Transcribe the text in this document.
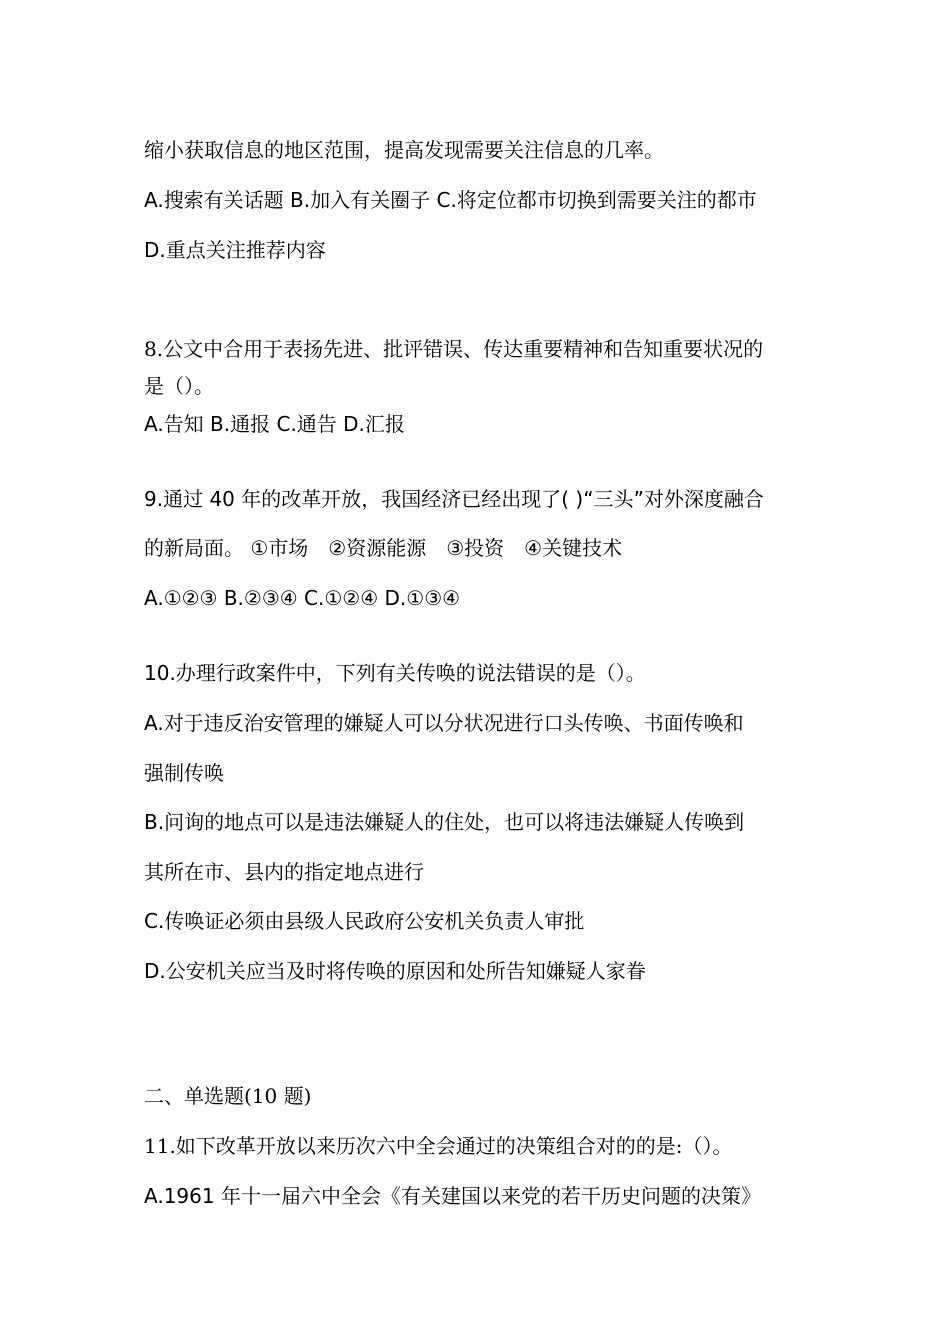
缩小获取信息的地区范围，提高发现需要关注信息的几率。
A.搜索有关话题 B.加入有关圈子 C.将定位都市切换到需要关注的都市
D.重点关注推荐内容
8.公文中合用于表扬先进、批评错误、传达重要精神和告知重要状况的
是（）。
A.告知 B.通报 C.通告 D.汇报
9.通过 40 年的改革开放，我国经济已经出现了( )“三头”对外深度融合
的新局面。 ①市场　②资源能源　③投资　④关键技术
A.①②③ B.②③④ C.①②④ D.①③④
10.办理行政案件中，下列有关传唤的说法错误的是（）。
A.对于违反治安管理的嫌疑人可以分状况进行口头传唤、书面传唤和
强制传唤
B.问询的地点可以是违法嫌疑人的住处，也可以将违法嫌疑人传唤到
其所在市、县内的指定地点进行
C.传唤证必须由县级人民政府公安机关负责人审批
D.公安机关应当及时将传唤的原因和处所告知嫌疑人家眷
二、单选题(10 题)
11.如下改革开放以来历次六中全会通过的决策组合对的的是:（）。
A.1961 年十一届六中全会《有关建国以来党的若干历史问题的决策》
